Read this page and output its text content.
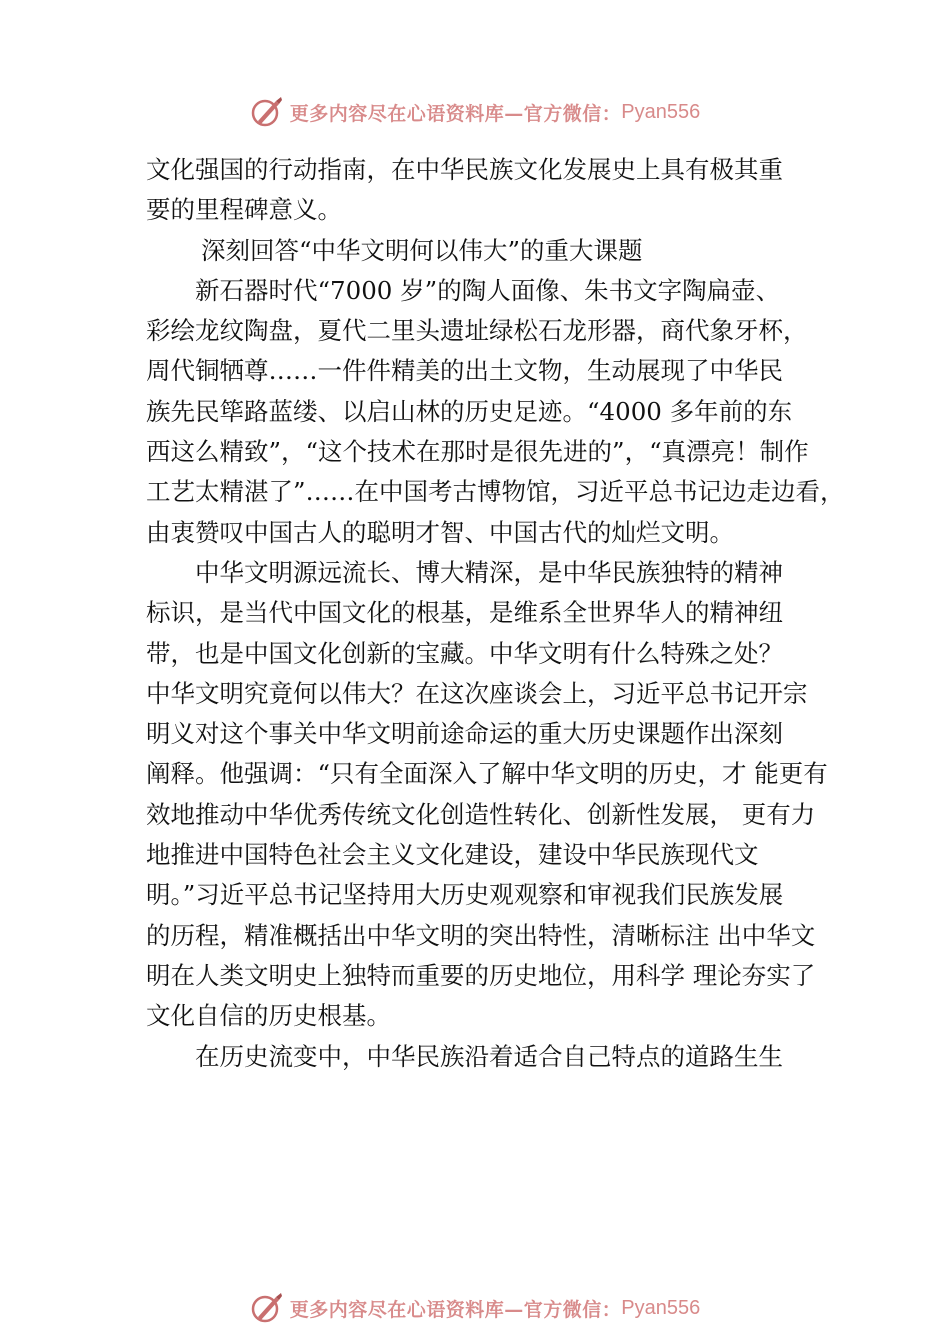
更多内容尽在心语资料库—官方微信： Pyan556
文化强国的行动指南，在中华民族文化发展史上具有极其重
要的里程碑意义。
深刻回答“中华文明何以伟大”的重大课题
新石器时代“7000 岁”的陶人面像、朱书文字陶扁壶、
彩绘龙纹陶盘，夏代二里头遗址绿松石龙形器，商代象牙杯，
周代铜牺尊……一件件精美的出土文物，生动展现了中华民
族先民筚路蓝缕、以启山林的历史足迹。“4000 多年前的东
西这么精致”，“这个技术在那时是很先进的”，“真漂亮！制作
工艺太精湛了”……在中国考古博物馆，习近平总书记边走边看，
由衷赞叹中国古人的聪明才智、中国古代的灿烂文明。
中华文明源远流长、博大精深，是中华民族独特的精神
标识，是当代中国文化的根基，是维系全世界华人的精神纽
带，也是中国文化创新的宝藏。中华文明有什么特殊之处？
中华文明究竟何以伟大？在这次座谈会上，习近平总书记开宗
明义对这个事关中华文明前途命运的重大历史课题作出深刻
阐释。他强调：“只有全面深入了解中华文明的历史，才 能更有
效地推动中华优秀传统文化创造性转化、创新性发展， 更有力
地推进中国特色社会主义文化建设，建设中华民族现代文
明。”习近平总书记坚持用大历史观观察和审视我们民族发展
的历程，精准概括出中华文明的突出特性，清晰标注 出中华文
明在人类文明史上独特而重要的历史地位，用科学 理论夯实了
文化自信的历史根基。
在历史流变中，中华民族沿着适合自己特点的道路生生
更多内容尽在心语资料库—官方微信： Pyan556
